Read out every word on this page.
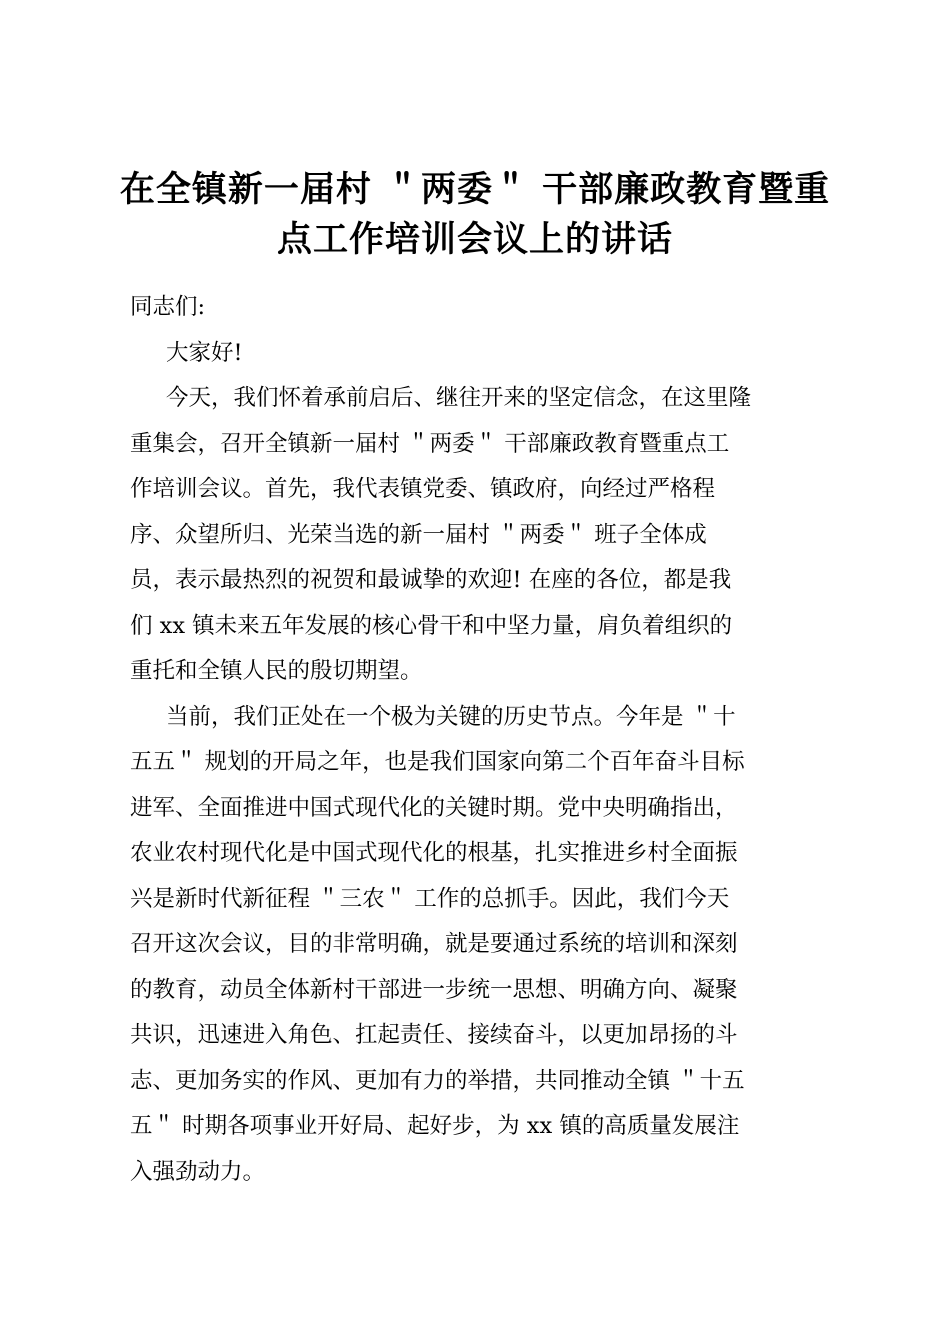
在全镇新一届村 ＂两委＂ 干部廉政教育暨重
点工作培训会议上的讲话

同志们:

大家好!

今天，我们怀着承前启后、继往开来的坚定信念，在这里隆
重集会，召开全镇新一届村 ＂两委＂ 干部廉政教育暨重点工
作培训会议。首先，我代表镇党委、镇政府，向经过严格程
序、众望所归、光荣当选的新一届村 ＂两委＂ 班子全体成
员，表示最热烈的祝贺和最诚挚的欢迎! 在座的各位，都是我
们 xx 镇未来五年发展的核心骨干和中坚力量，肩负着组织的
重托和全镇人民的殷切期望。

当前，我们正处在一个极为关键的历史节点。今年是 ＂十
五五＂ 规划的开局之年，也是我们国家向第二个百年奋斗目标
进军、全面推进中国式现代化的关键时期。党中央明确指出，
农业农村现代化是中国式现代化的根基，扎实推进乡村全面振
兴是新时代新征程 ＂三农＂ 工作的总抓手。因此，我们今天
召开这次会议，目的非常明确，就是要通过系统的培训和深刻
的教育，动员全体新村干部进一步统一思想、明确方向、凝聚
共识，迅速进入角色、扛起责任、接续奋斗，以更加昂扬的斗
志、更加务实的作风、更加有力的举措，共同推动全镇 ＂十五
五＂ 时期各项事业开好局、起好步，为 xx 镇的高质量发展注
入强劲动力。
